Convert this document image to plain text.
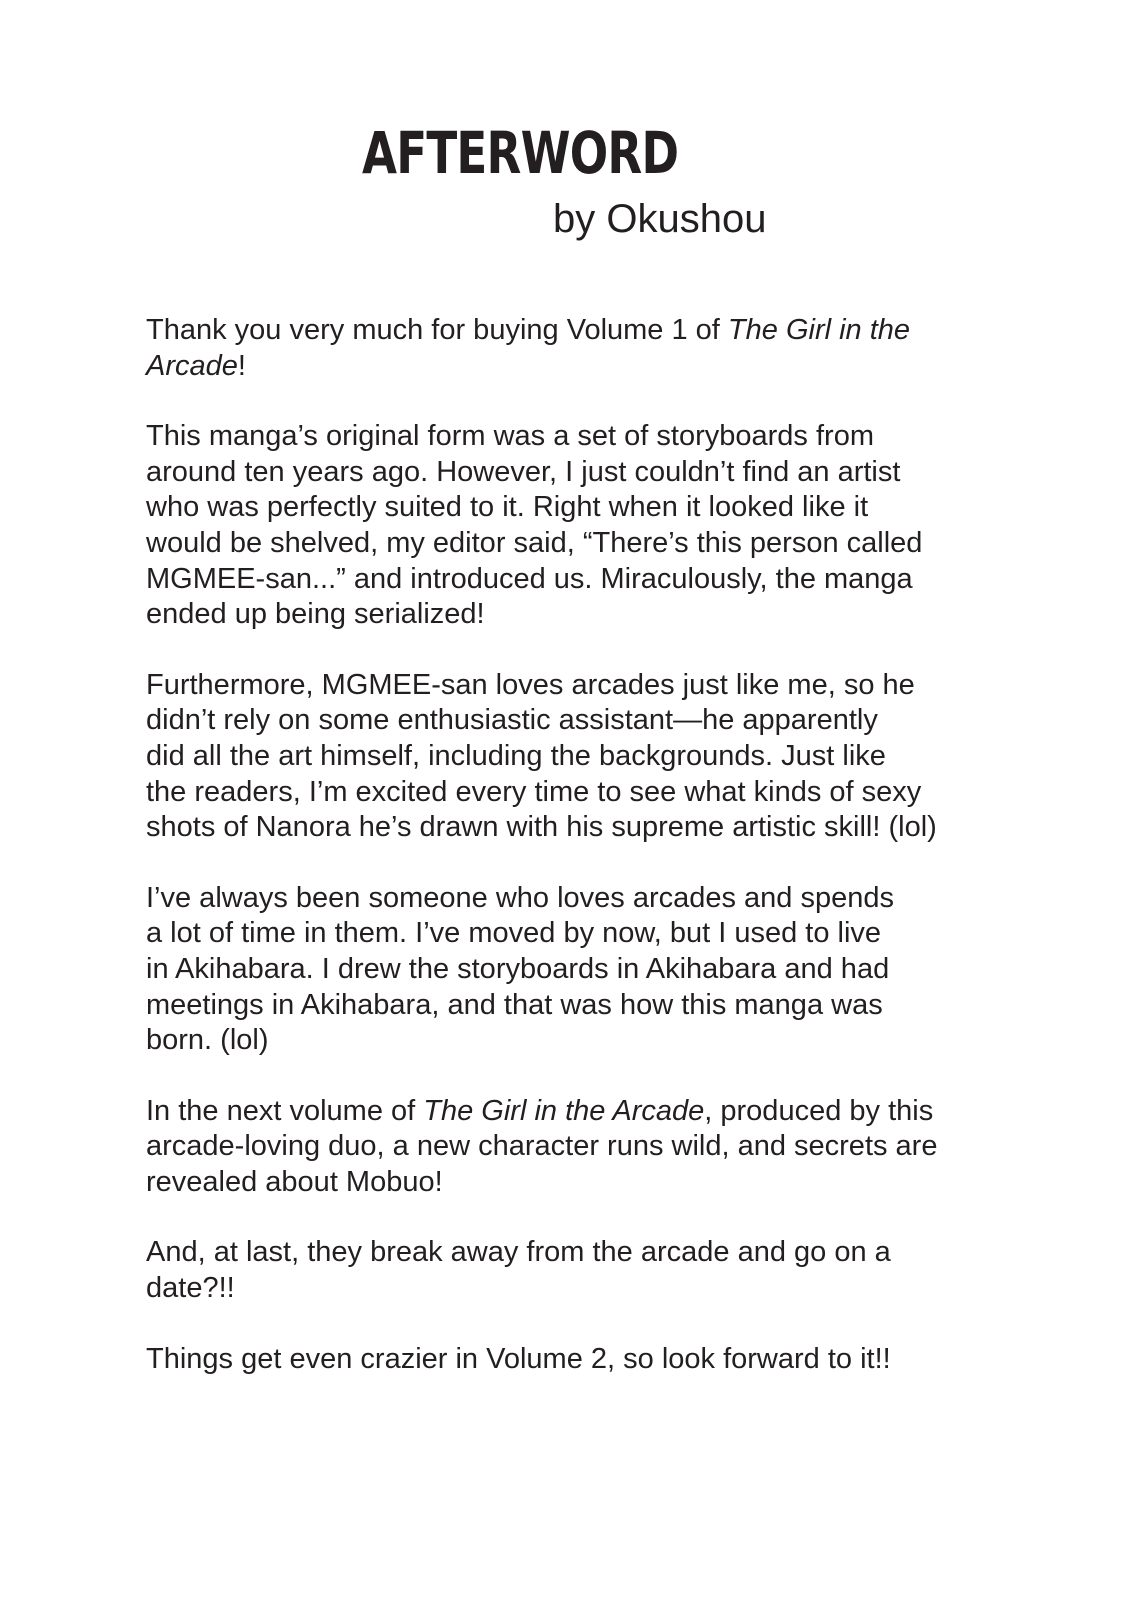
AFTERWORD
by Okushou

Thank you very much for buying Volume 1 of The Girl in the
Arcade!

This manga’s original form was a set of storyboards from
around ten years ago. However, I just couldn’t find an artist
who was perfectly suited to it. Right when it looked like it
would be shelved, my editor said, “There’s this person called
MGMEE-san...” and introduced us. Miraculously, the manga
ended up being serialized!

Furthermore, MGMEE-san loves arcades just like me, so he
didn’t rely on some enthusiastic assistant—he apparently
did all the art himself, including the backgrounds. Just like
the readers, I’m excited every time to see what kinds of sexy
shots of Nanora he’s drawn with his supreme artistic skill! (lol)

I’ve always been someone who loves arcades and spends
a lot of time in them. I’ve moved by now, but I used to live
in Akihabara. I drew the storyboards in Akihabara and had
meetings in Akihabara, and that was how this manga was
born. (lol)

In the next volume of The Girl in the Arcade, produced by this
arcade-loving duo, a new character runs wild, and secrets are
revealed about Mobuo!

And, at last, they break away from the arcade and go on a
date?!!

Things get even crazier in Volume 2, so look forward to it!!
